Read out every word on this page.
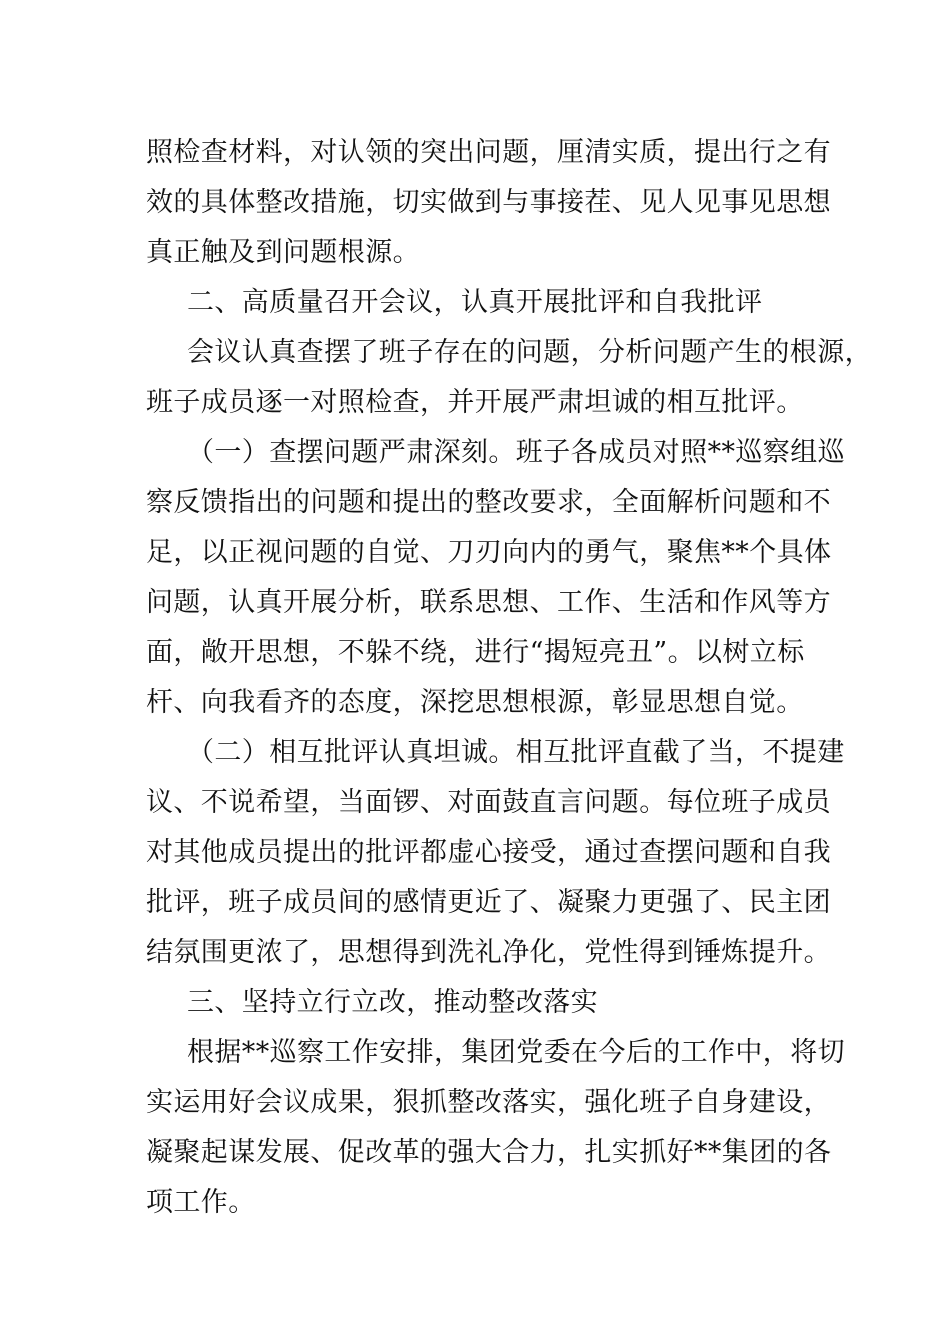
照检查材料，对认领的突出问题，厘清实质，提出行之有
效的具体整改措施，切实做到与事接茬、见人见事见思想
真正触及到问题根源。
二、高质量召开会议，认真开展批评和自我批评
会议认真查摆了班子存在的问题，分析问题产生的根源，
班子成员逐一对照检查，并开展严肃坦诚的相互批评。
（一）查摆问题严肃深刻。班子各成员对照**巡察组巡
察反馈指出的问题和提出的整改要求，全面解析问题和不
足，以正视问题的自觉、刀刃向内的勇气，聚焦**个具体
问题，认真开展分析，联系思想、工作、生活和作风等方
面，敞开思想，不躲不绕，进行“揭短亮丑”。以树立标
杆、向我看齐的态度，深挖思想根源，彰显思想自觉。
（二）相互批评认真坦诚。相互批评直截了当，不提建
议、不说希望，当面锣、对面鼓直言问题。每位班子成员
对其他成员提出的批评都虚心接受，通过查摆问题和自我
批评，班子成员间的感情更近了、凝聚力更强了、民主团
结氛围更浓了，思想得到洗礼净化，党性得到锤炼提升。
三、坚持立行立改，推动整改落实
根据**巡察工作安排，集团党委在今后的工作中，将切
实运用好会议成果，狠抓整改落实，强化班子自身建设，
凝聚起谋发展、促改革的强大合力，扎实抓好**集团的各
项工作。
